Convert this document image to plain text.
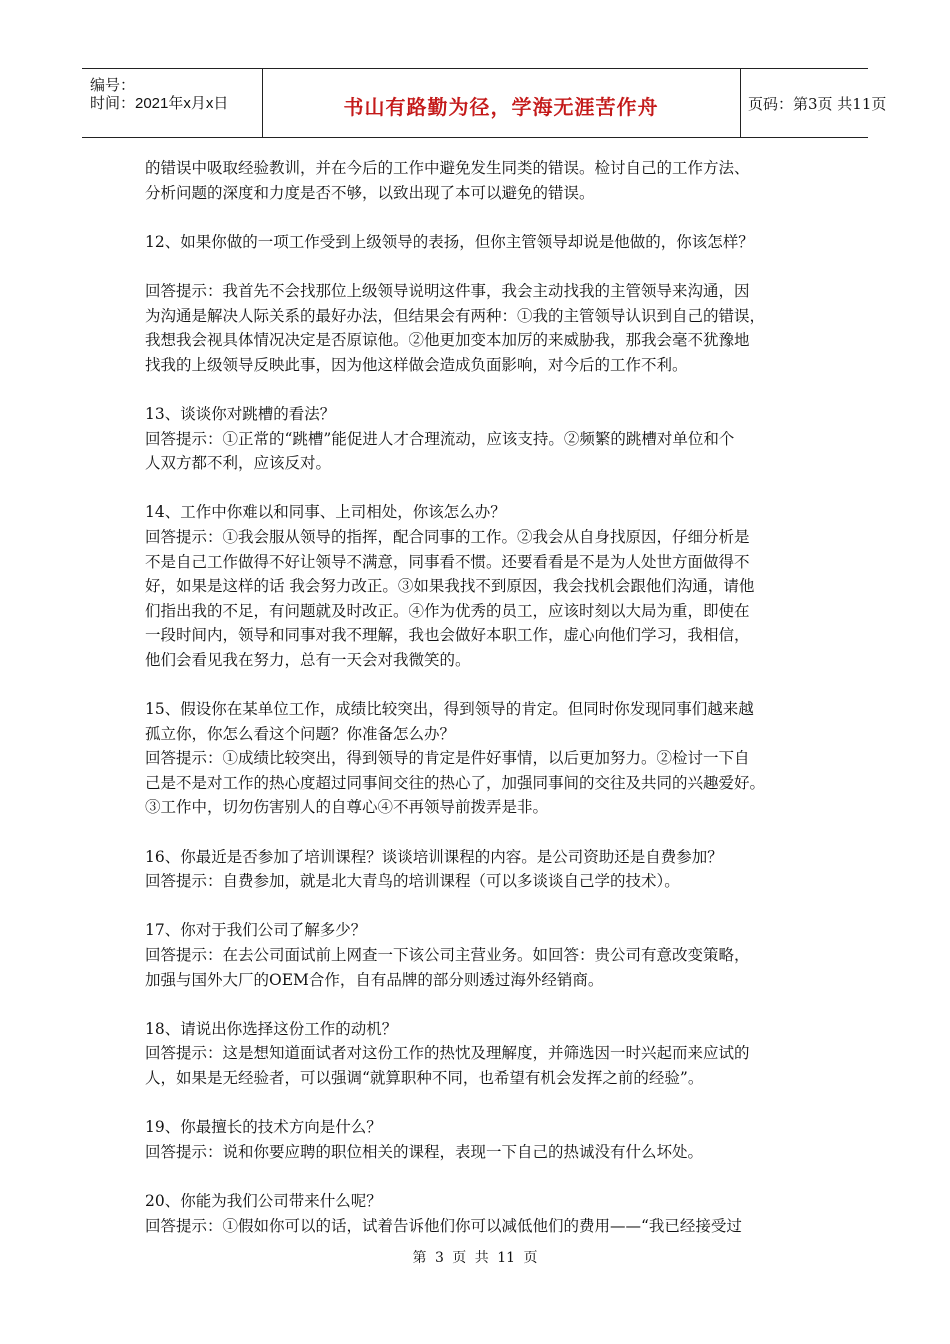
编号：
时间：2021年x月x日	书山有路勤为径，学海无涯苦作舟	页码：第3页 共11页

的错误中吸取经验教训，并在今后的工作中避免发生同类的错误。检讨自己的工作方法、

分析问题的深度和力度是否不够，以致出现了本可以避免的错误。

12、如果你做的一项工作受到上级领导的表扬，但你主管领导却说是他做的，你该怎样？

回答提示：我首先不会找那位上级领导说明这件事，我会主动找我的主管领导来沟通，因

为沟通是解决人际关系的最好办法，但结果会有两种：①我的主管领导认识到自己的错误，

我想我会视具体情况决定是否原谅他。②他更加变本加厉的来威胁我，那我会毫不犹豫地

找我的上级领导反映此事，因为他这样做会造成负面影响，对今后的工作不利。

13、谈谈你对跳槽的看法？

回答提示：①正常的“跳槽”能促进人才合理流动，应该支持。②频繁的跳槽对单位和个

人双方都不利，应该反对。

14、工作中你难以和同事、上司相处，你该怎么办？

回答提示：①我会服从领导的指挥，配合同事的工作。②我会从自身找原因，仔细分析是

不是自己工作做得不好让领导不满意，同事看不惯。还要看看是不是为人处世方面做得不

好，如果是这样的话 我会努力改正。③如果我找不到原因，我会找机会跟他们沟通，请他

们指出我的不足，有问题就及时改正。④作为优秀的员工，应该时刻以大局为重，即使在

一段时间内，领导和同事对我不理解，我也会做好本职工作，虚心向他们学习，我相信，

他们会看见我在努力，总有一天会对我微笑的。

15、假设你在某单位工作，成绩比较突出，得到领导的肯定。但同时你发现同事们越来越

孤立你，你怎么看这个问题？你准备怎么办？

回答提示：①成绩比较突出，得到领导的肯定是件好事情，以后更加努力。②检讨一下自

己是不是对工作的热心度超过同事间交往的热心了，加强同事间的交往及共同的兴趣爱好。

③工作中，切勿伤害别人的自尊心④不再领导前拨弄是非。

16、你最近是否参加了培训课程？谈谈培训课程的内容。是公司资助还是自费参加？

回答提示：自费参加，就是北大青鸟的培训课程（可以多谈谈自己学的技术）。

17、你对于我们公司了解多少？

回答提示：在去公司面试前上网查一下该公司主营业务。如回答：贵公司有意改变策略，

加强与国外大厂的OEM合作，自有品牌的部分则透过海外经销商。

18、请说出你选择这份工作的动机？

回答提示：这是想知道面试者对这份工作的热忱及理解度，并筛选因一时兴起而来应试的

人，如果是无经验者，可以强调“就算职种不同，也希望有机会发挥之前的经验”。

19、你最擅长的技术方向是什么？

回答提示：说和你要应聘的职位相关的课程，表现一下自己的热诚没有什么坏处。

20、你能为我们公司带来什么呢？

回答提示：①假如你可以的话，试着告诉他们你可以减低他们的费用——“我已经接受过

第 3 页 共 11 页
